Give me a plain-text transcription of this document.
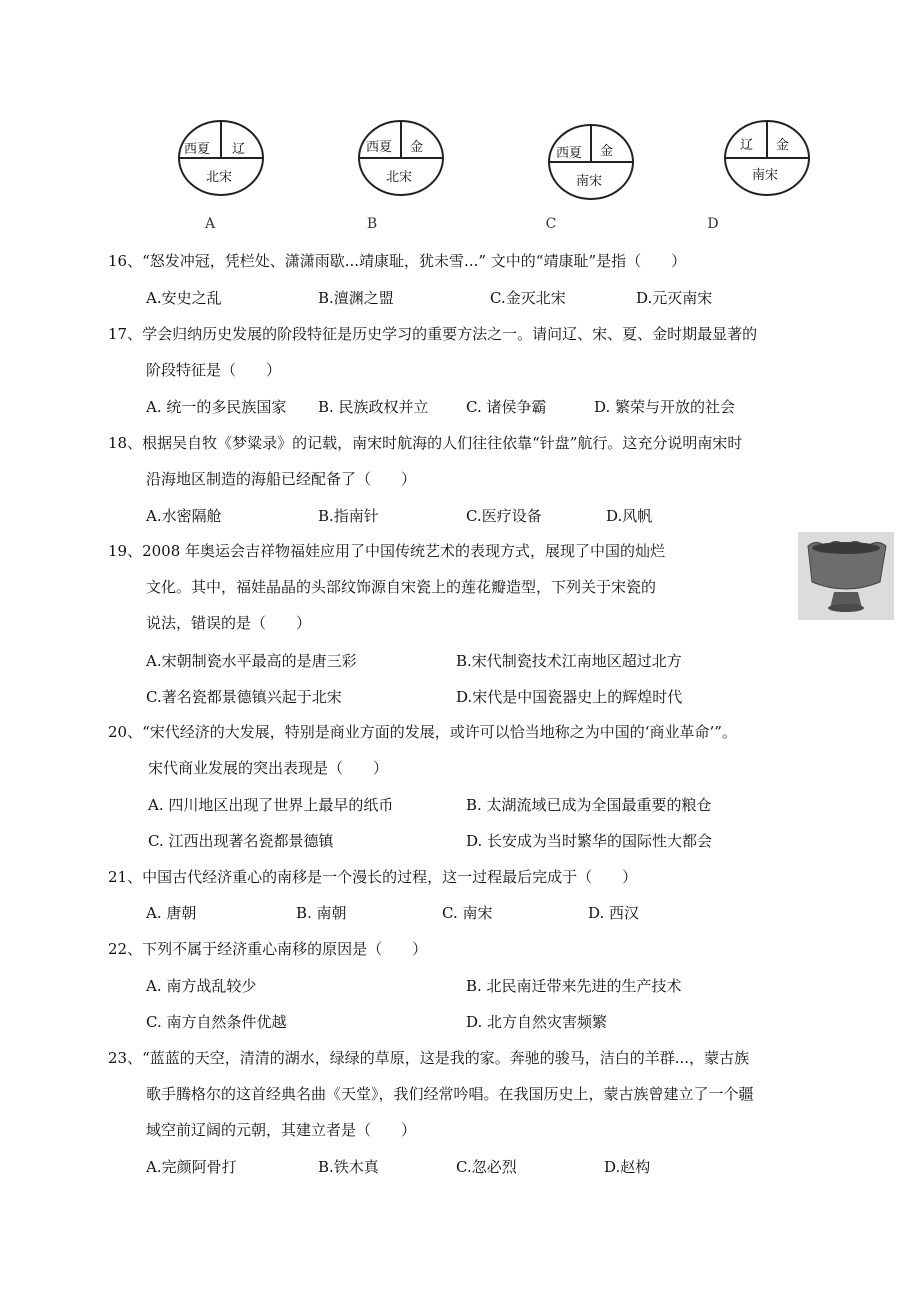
西夏 辽
北宋
西夏 金
北宋
西夏 金
南宋
辽 金
南宋
A	B	C	D
16、“怒发冲冠，凭栏处、潇潇雨歇...靖康耻，犹未雪...” 文中的“靖康耻”是指（　　）
A.安史之乱	B.澶渊之盟	C.金灭北宋	D.元灭南宋
17、学会归纳历史发展的阶段特征是历史学习的重要方法之一。请问辽、宋、夏、金时期最显著的
阶段特征是（　　）
A. 统一的多民族国家 B. 民族政权并立 C. 诸侯争霸	D. 繁荣与开放的社会
18、根据吴自牧《梦粱录》的记载，南宋时航海的人们往往依靠“针盘”航行。这充分说明南宋时
沿海地区制造的海船已经配备了（　　）
A.水密隔舱	B.指南针	C.医疗设备	D.风帆
19、2008 年奥运会吉祥物福娃应用了中国传统艺术的表现方式，展现了中国的灿烂
文化。其中，福娃晶晶的头部纹饰源自宋瓷上的莲花瓣造型，下列关于宋瓷的
说法，错误的是（　　）
A.宋朝制瓷水平最高的是唐三彩	B.宋代制瓷技术江南地区超过北方
C.著名瓷都景德镇兴起于北宋	D.宋代是中国瓷器史上的辉煌时代
20、“宋代经济的大发展，特别是商业方面的发展，或许可以恰当地称之为中国的‘商业革命’”。
宋代商业发展的突出表现是（　　）
A. 四川地区出现了世界上最早的纸币	B. 太湖流域已成为全国最重要的粮仓
C. 江西出现著名瓷都景德镇	D. 长安成为当时繁华的国际性大都会
21、中国古代经济重心的南移是一个漫长的过程，这一过程最后完成于（　　）
A. 唐朝	B. 南朝	C. 南宋	D. 西汉
22、下列不属于经济重心南移的原因是（　　）
A. 南方战乱较少	B. 北民南迁带来先进的生产技术
C. 南方自然条件优越	D. 北方自然灾害频繁
23、“蓝蓝的天空，清清的湖水，绿绿的草原，这是我的家。奔驰的骏马，洁白的羊群...，蒙古族
歌手腾格尔的这首经典名曲《天堂》，我们经常吟唱。在我国历史上，蒙古族曾建立了一个疆
域空前辽阔的元朝，其建立者是（　　）
A.完颜阿骨打	B.铁木真	C.忽必烈	D.赵构
